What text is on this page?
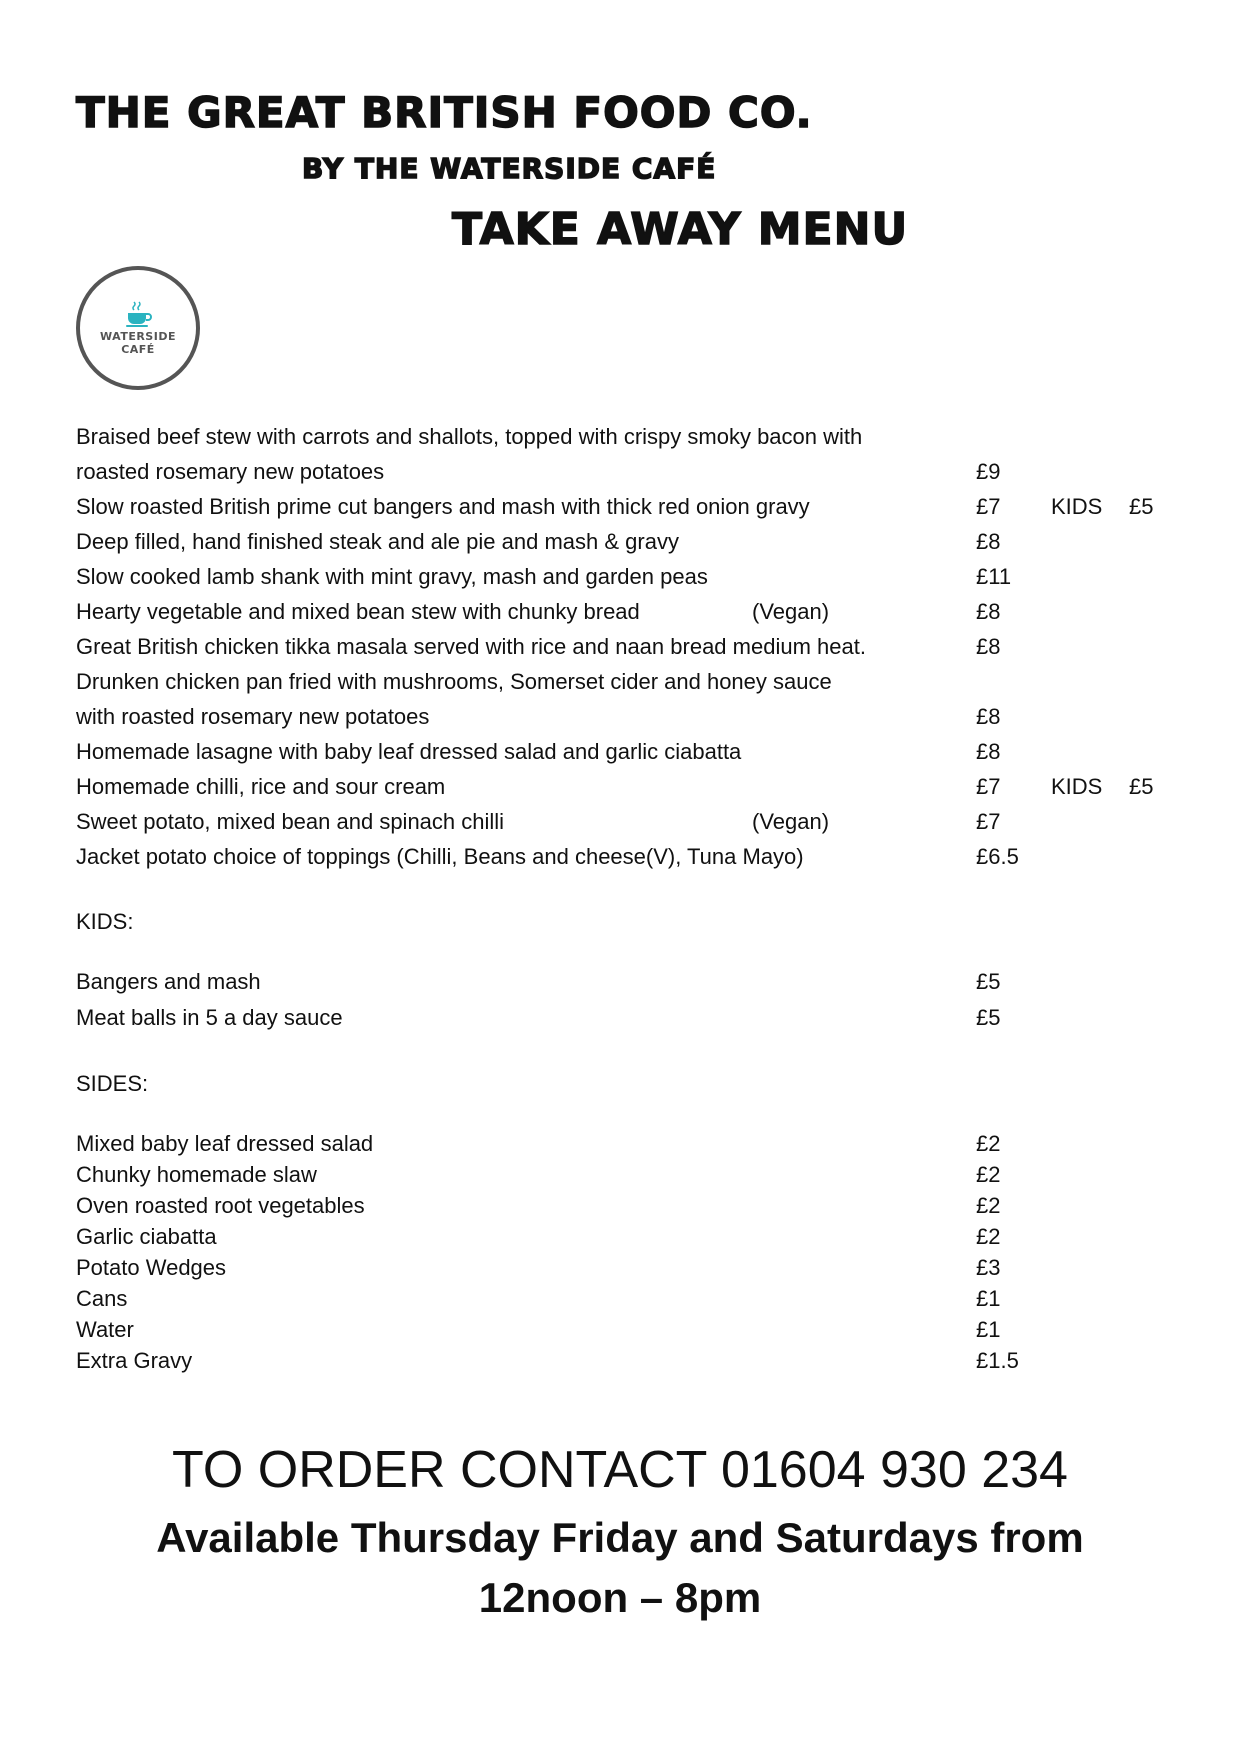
THE GREAT BRITISH FOOD CO.
BY THE WATERSIDE CAFÉ
TAKE AWAY MENU
WATERSIDE
CAFÉ
Braised beef stew with carrots and shallots, topped with crispy smoky bacon with
roasted rosemary new potatoes	£9
Slow roasted British prime cut bangers and mash with thick red onion gravy	£7 KIDS £5
Deep filled, hand finished steak and ale pie and mash & gravy	£8
Slow cooked lamb shank with mint gravy, mash and garden peas	£11
Hearty vegetable and mixed bean stew with chunky bread	(Vegan)	£8
Great British chicken tikka masala served with rice and naan bread medium heat.	£8
Drunken chicken pan fried with mushrooms, Somerset cider and honey sauce
with roasted rosemary new potatoes	£8
Homemade lasagne with baby leaf dressed salad and garlic ciabatta	£8
Homemade chilli, rice and sour cream	£7 KIDS £5
Sweet potato, mixed bean and spinach chilli	(Vegan)	£7
Jacket potato choice of toppings (Chilli, Beans and cheese(V), Tuna Mayo)	£6.5
KIDS:
Bangers and mash	£5
Meat balls in 5 a day sauce	£5
SIDES:
Mixed baby leaf dressed salad	£2
Chunky homemade slaw	£2
Oven roasted root vegetables	£2
Garlic ciabatta	£2
Potato Wedges	£3
Cans	£1
Water	£1
Extra Gravy	£1.5
TO ORDER CONTACT 01604 930 234
Available Thursday Friday and Saturdays from
12noon – 8pm
